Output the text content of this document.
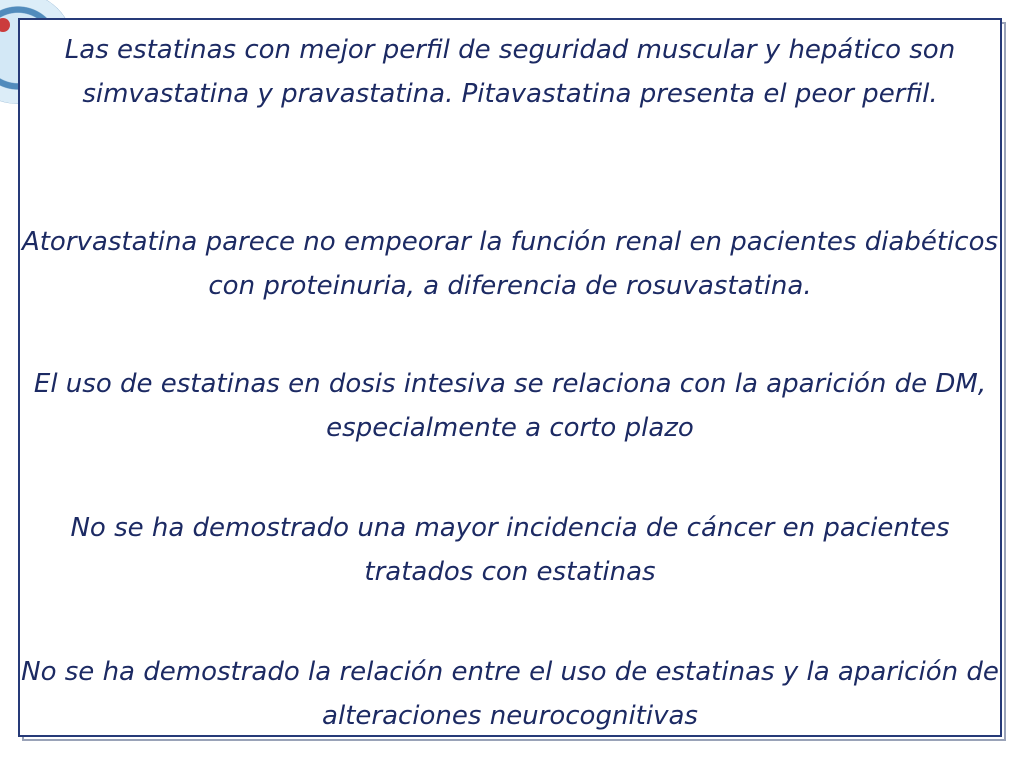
Las estatinas con mejor perfil de seguridad muscular y hepático son simvastatina y pravastatina. Pitavastatina presenta el peor perfil.

Atorvastatina parece no empeorar la función renal en pacientes diabéticos con proteinuria, a diferencia de rosuvastatina.

El uso de estatinas en dosis intesiva se relaciona con la aparición de DM, especialmente a corto plazo

No se ha demostrado una mayor incidencia de cáncer en pacientes tratados con estatinas

No se ha demostrado la relación entre el uso de estatinas y la aparición de alteraciones neurocognitivas
